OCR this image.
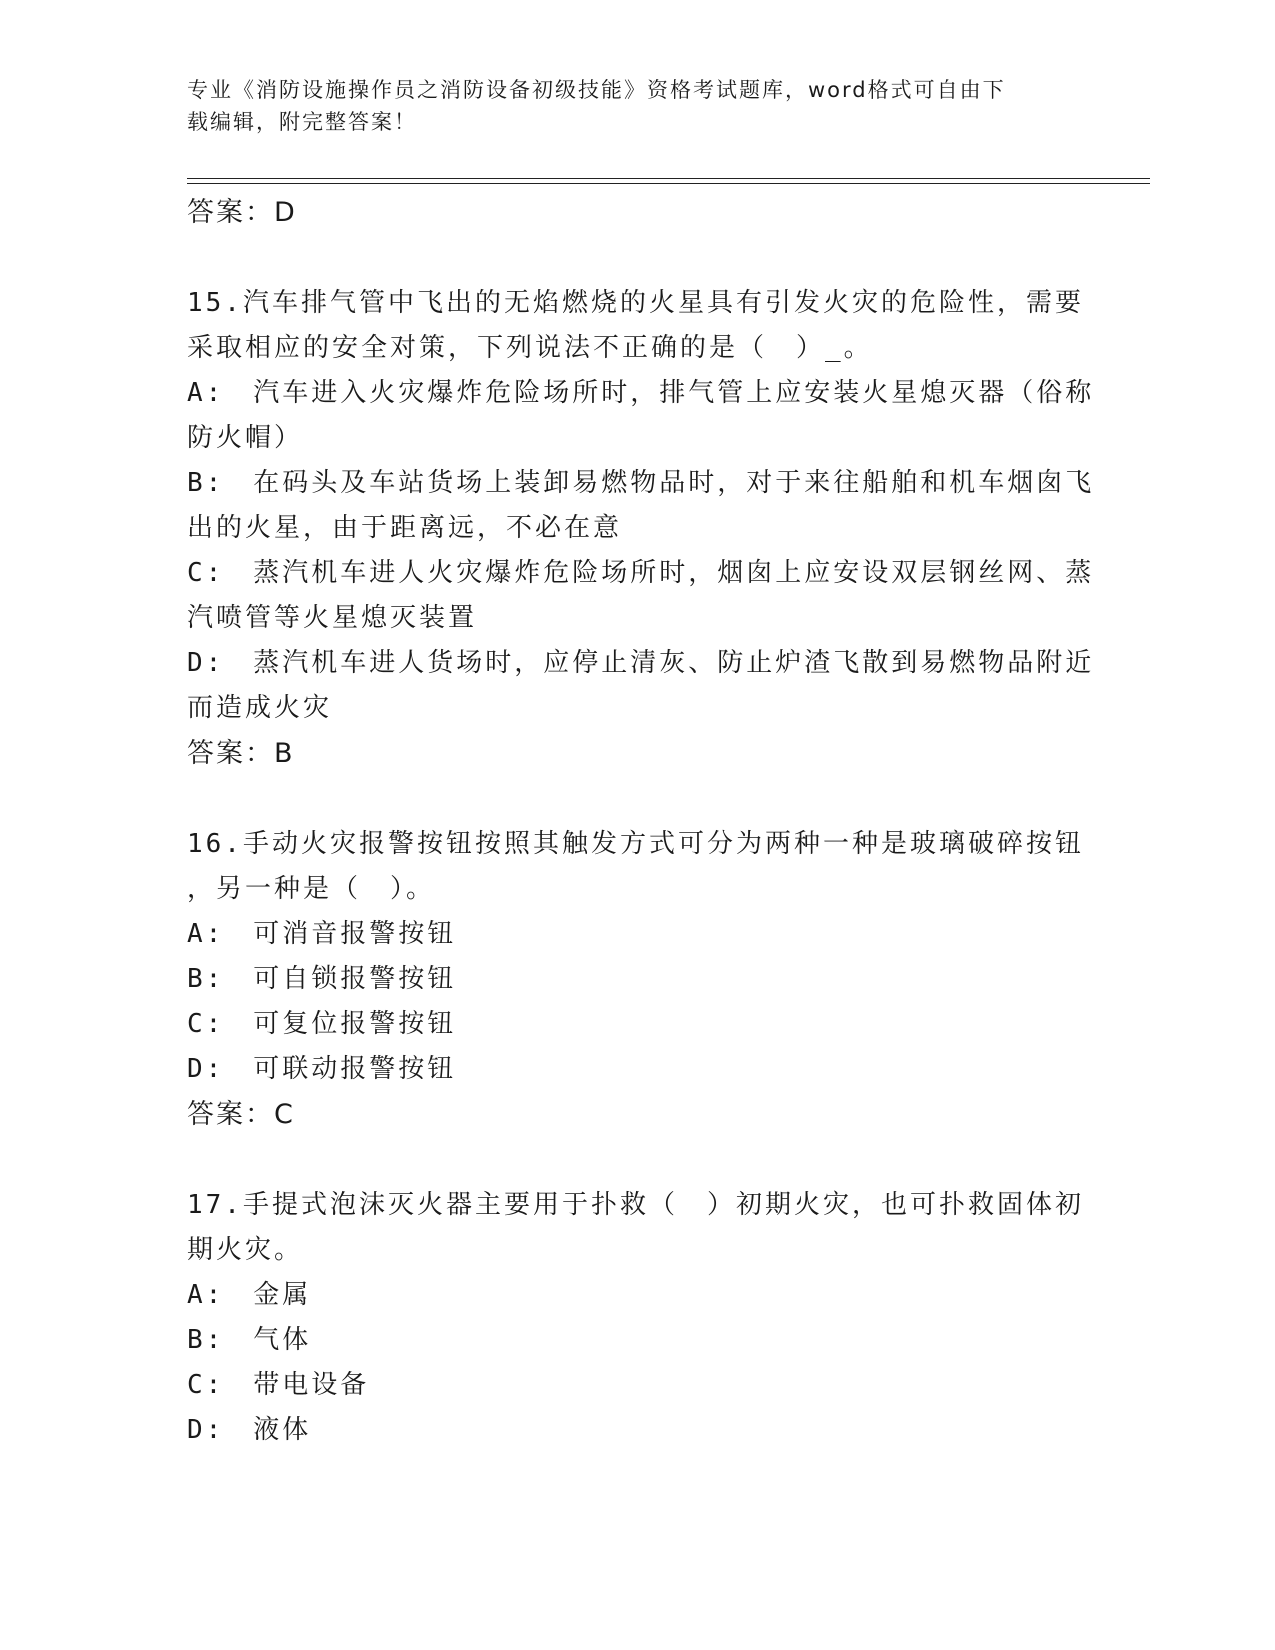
专业《消防设施操作员之消防设备初级技能》资格考试题库，word格式可自由下
载编辑，附完整答案！
答案：D
15.汽车排气管中飞出的无焰燃烧的火星具有引发火灾的危险性，需要
采取相应的安全对策，下列说法不正确的是（　）_。
A:　汽车进入火灾爆炸危险场所时，排气管上应安装火星熄灭器（俗称
防火帽）
B:　在码头及车站货场上装卸易燃物品时，对于来往船舶和机车烟囱飞
出的火星，由于距离远，不必在意
C:　蒸汽机车进人火灾爆炸危险场所时，烟囱上应安设双层钢丝网、蒸
汽喷管等火星熄灭装置
D:　蒸汽机车进人货场时，应停止清灰、防止炉渣飞散到易燃物品附近
而造成火灾
答案：B
16.手动火灾报警按钮按照其触发方式可分为两种一种是玻璃破碎按钮
，另一种是（　）。
A:　可消音报警按钮
B:　可自锁报警按钮
C:　可复位报警按钮
D:　可联动报警按钮
答案：C
17.手提式泡沫灭火器主要用于扑救（　）初期火灾，也可扑救固体初
期火灾。
A:　金属
B:　气体
C:　带电设备
D:　液体
